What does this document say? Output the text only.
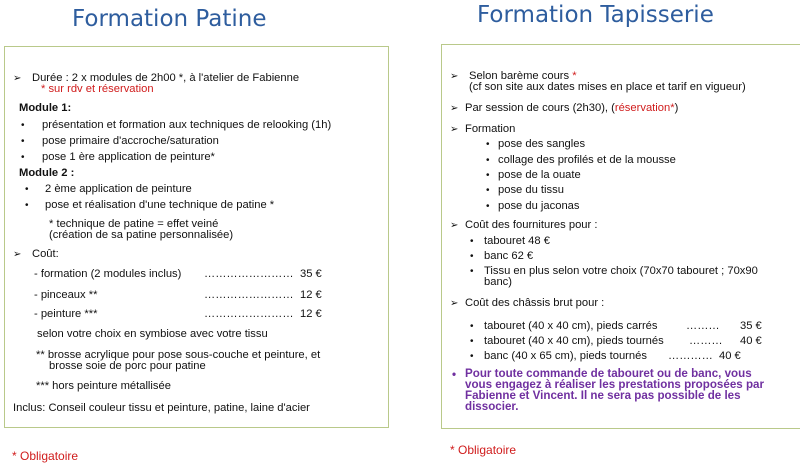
Formation Patine
➢ Durée : 2 x modules de 2h00 *, à l'atelier de Fabienne
* sur rdv et réservation
Module 1:
• présentation et formation aux techniques de relooking (1h)
• pose primaire d'accroche/saturation
• pose 1 ère application de peinture*
Module 2 :
• 2 ème application de peinture
• pose et réalisation d'une technique de patine *
* technique de patine = effet veiné
(création de sa patine personnalisée)
➢ Coût:
- formation (2 modules inclus) …………………… 35 €
- pinceaux **	…………………… 12 €
- peinture ***	…………………… 12 €
selon votre choix en symbiose avec votre tissu
** brosse acrylique pour pose sous-couche et peinture, et
brosse soie de porc pour patine
*** hors peinture métallisée
Inclus: Conseil couleur tissu et peinture, patine, laine d'acier
* Obligatoire
Formation Tapisserie
➢ Selon barème cours *
(cf son site aux dates mises en place et tarif en vigueur)
➢ Par session de cours (2h30), (réservation*)
➢ Formation
• pose des sangles
• collage des profilés et de la mousse
• pose de la ouate
• pose du tissu
• pose du jaconas
➢ Coût des fournitures pour :
• tabouret 48 €
• banc 62 €
• Tissu en plus selon votre choix (70x70 tabouret ; 70x90
banc)
➢ Coût des châssis brut pour :
• tabouret (40 x 40 cm), pieds carrés	……… 35 €
• tabouret (40 x 40 cm), pieds tournés ……… 40 €
• banc (40 x 65 cm), pieds tournés ………… 40 €
• Pour toute commande de tabouret ou de banc, vous
vous engagez à réaliser les prestations proposées par
Fabienne et Vincent. Il ne sera pas possible de les
dissocier.
* Obligatoire
